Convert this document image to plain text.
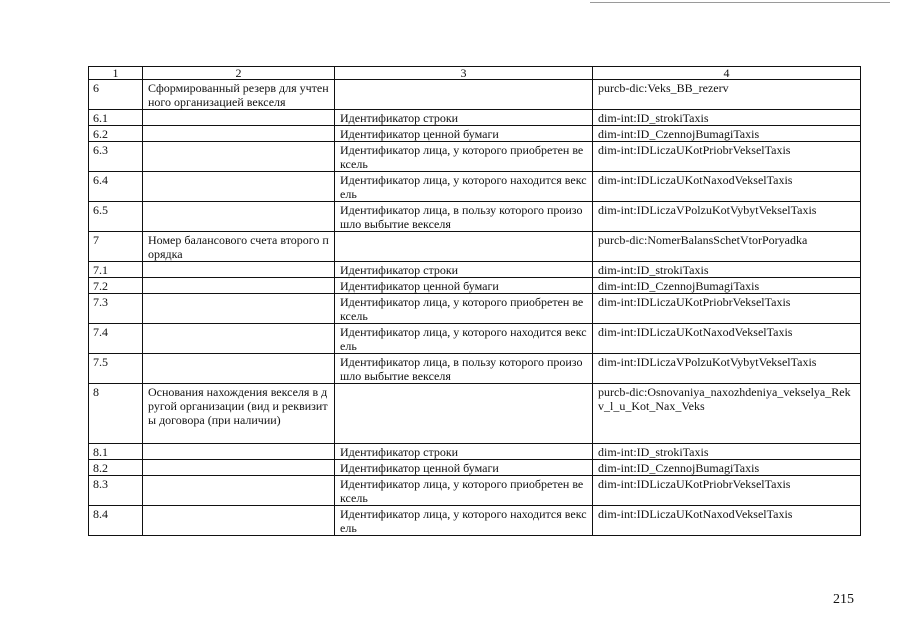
1	2	3	4
6	Сформированный резерв для учтенного организацией векселя		purcb-dic:Veks_BB_rezerv
6.1		Идентификатор строки	dim-int:ID_strokiTaxis
6.2		Идентификатор ценной бумаги	dim-int:ID_CzennojBumagiTaxis
6.3		Идентификатор лица, у которого приобретен вексель	dim-int:IDLiczaUKotPriobrVekselTaxis
6.4		Идентификатор лица, у которого находится вексель	dim-int:IDLiczaUKotNaxodVekselTaxis
6.5		Идентификатор лица, в пользу которого произошло выбытие векселя	dim-int:IDLiczaVPolzuKotVybytVekselTaxis
7	Номер балансового счета второго порядка		purcb-dic:NomerBalansSchetVtorPoryadka
7.1		Идентификатор строки	dim-int:ID_strokiTaxis
7.2		Идентификатор ценной бумаги	dim-int:ID_CzennojBumagiTaxis
7.3		Идентификатор лица, у которого приобретен вексель	dim-int:IDLiczaUKotPriobrVekselTaxis
7.4		Идентификатор лица, у которого находится вексель	dim-int:IDLiczaUKotNaxodVekselTaxis
7.5		Идентификатор лица, в пользу которого произошло выбытие векселя	dim-int:IDLiczaVPolzuKotVybytVekselTaxis
8	Основания нахождения векселя в другой организации (вид и реквизиты договора (при наличии)		purcb-dic:Osnovaniya_naxozhdeniya_vekselya_Rekv_l_u_Kot_Nax_Veks
8.1		Идентификатор строки	dim-int:ID_strokiTaxis
8.2		Идентификатор ценной бумаги	dim-int:ID_CzennojBumagiTaxis
8.3		Идентификатор лица, у которого приобретен вексель	dim-int:IDLiczaUKotPriobrVekselTaxis
8.4		Идентификатор лица, у которого находится вексель	dim-int:IDLiczaUKotNaxodVekselTaxis
215
